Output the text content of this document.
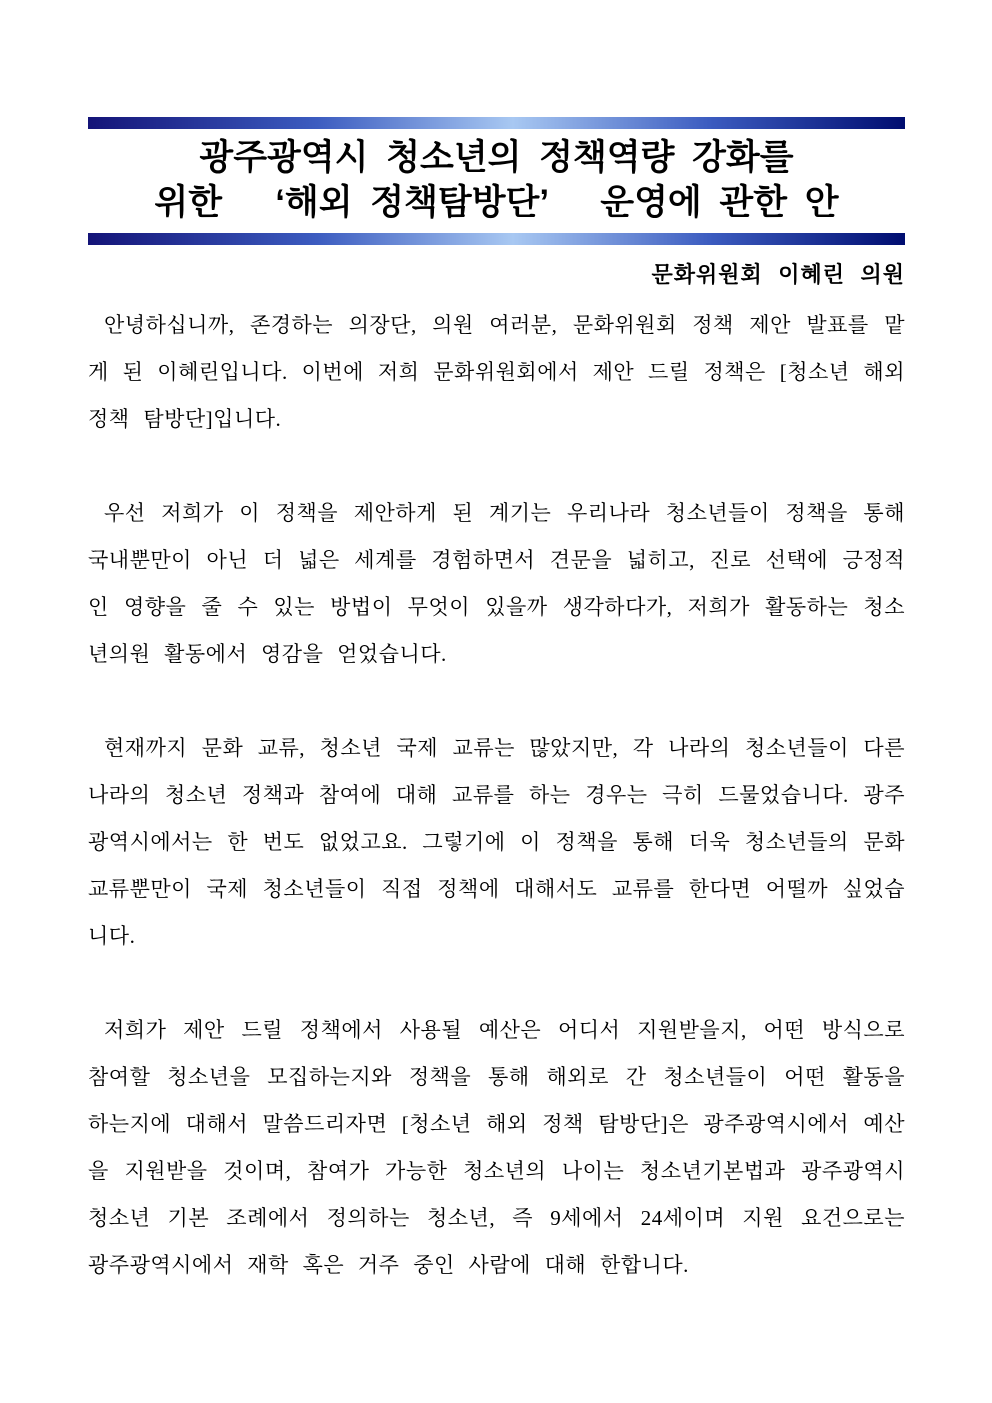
광주광역시 청소년의 정책역량 강화를
위한   ‘해외 정책탐방단’   운영에 관한 안
문화위원회 이혜린 의원

안녕하십니까, 존경하는 의장단, 의원 여러분, 문화위원회 정책 제안 발표를 맡게 된 이혜린입니다. 이번에 저희 문화위원회에서 제안 드릴 정책은 [청소년 해외 정책 탐방단]입니다.

우선 저희가 이 정책을 제안하게 된 계기는 우리나라 청소년들이 정책을 통해 국내뿐만이 아닌 더 넓은 세계를 경험하면서 견문을 넓히고, 진로 선택에 긍정적인 영향을 줄 수 있는 방법이 무엇이 있을까 생각하다가, 저희가 활동하는 청소년의원 활동에서 영감을 얻었습니다.

현재까지 문화 교류, 청소년 국제 교류는 많았지만, 각 나라의 청소년들이 다른 나라의 청소년 정책과 참여에 대해 교류를 하는 경우는 극히 드물었습니다. 광주광역시에서는 한 번도 없었고요. 그렇기에 이 정책을 통해 더욱 청소년들의 문화 교류뿐만이 국제 청소년들이 직접 정책에 대해서도 교류를 한다면 어떨까 싶었습니다.

저희가 제안 드릴 정책에서 사용될 예산은 어디서 지원받을지, 어떤 방식으로 참여할 청소년을 모집하는지와 정책을 통해 해외로 간 청소년들이 어떤 활동을 하는지에 대해서 말씀드리자면 [청소년 해외 정책 탐방단]은 광주광역시에서 예산을 지원받을 것이며, 참여가 가능한 청소년의 나이는 청소년기본법과 광주광역시 청소년 기본 조례에서 정의하는 청소년, 즉 9세에서 24세이며 지원 요건으로는 광주광역시에서 재학 혹은 거주 중인 사람에 대해 한합니다.
